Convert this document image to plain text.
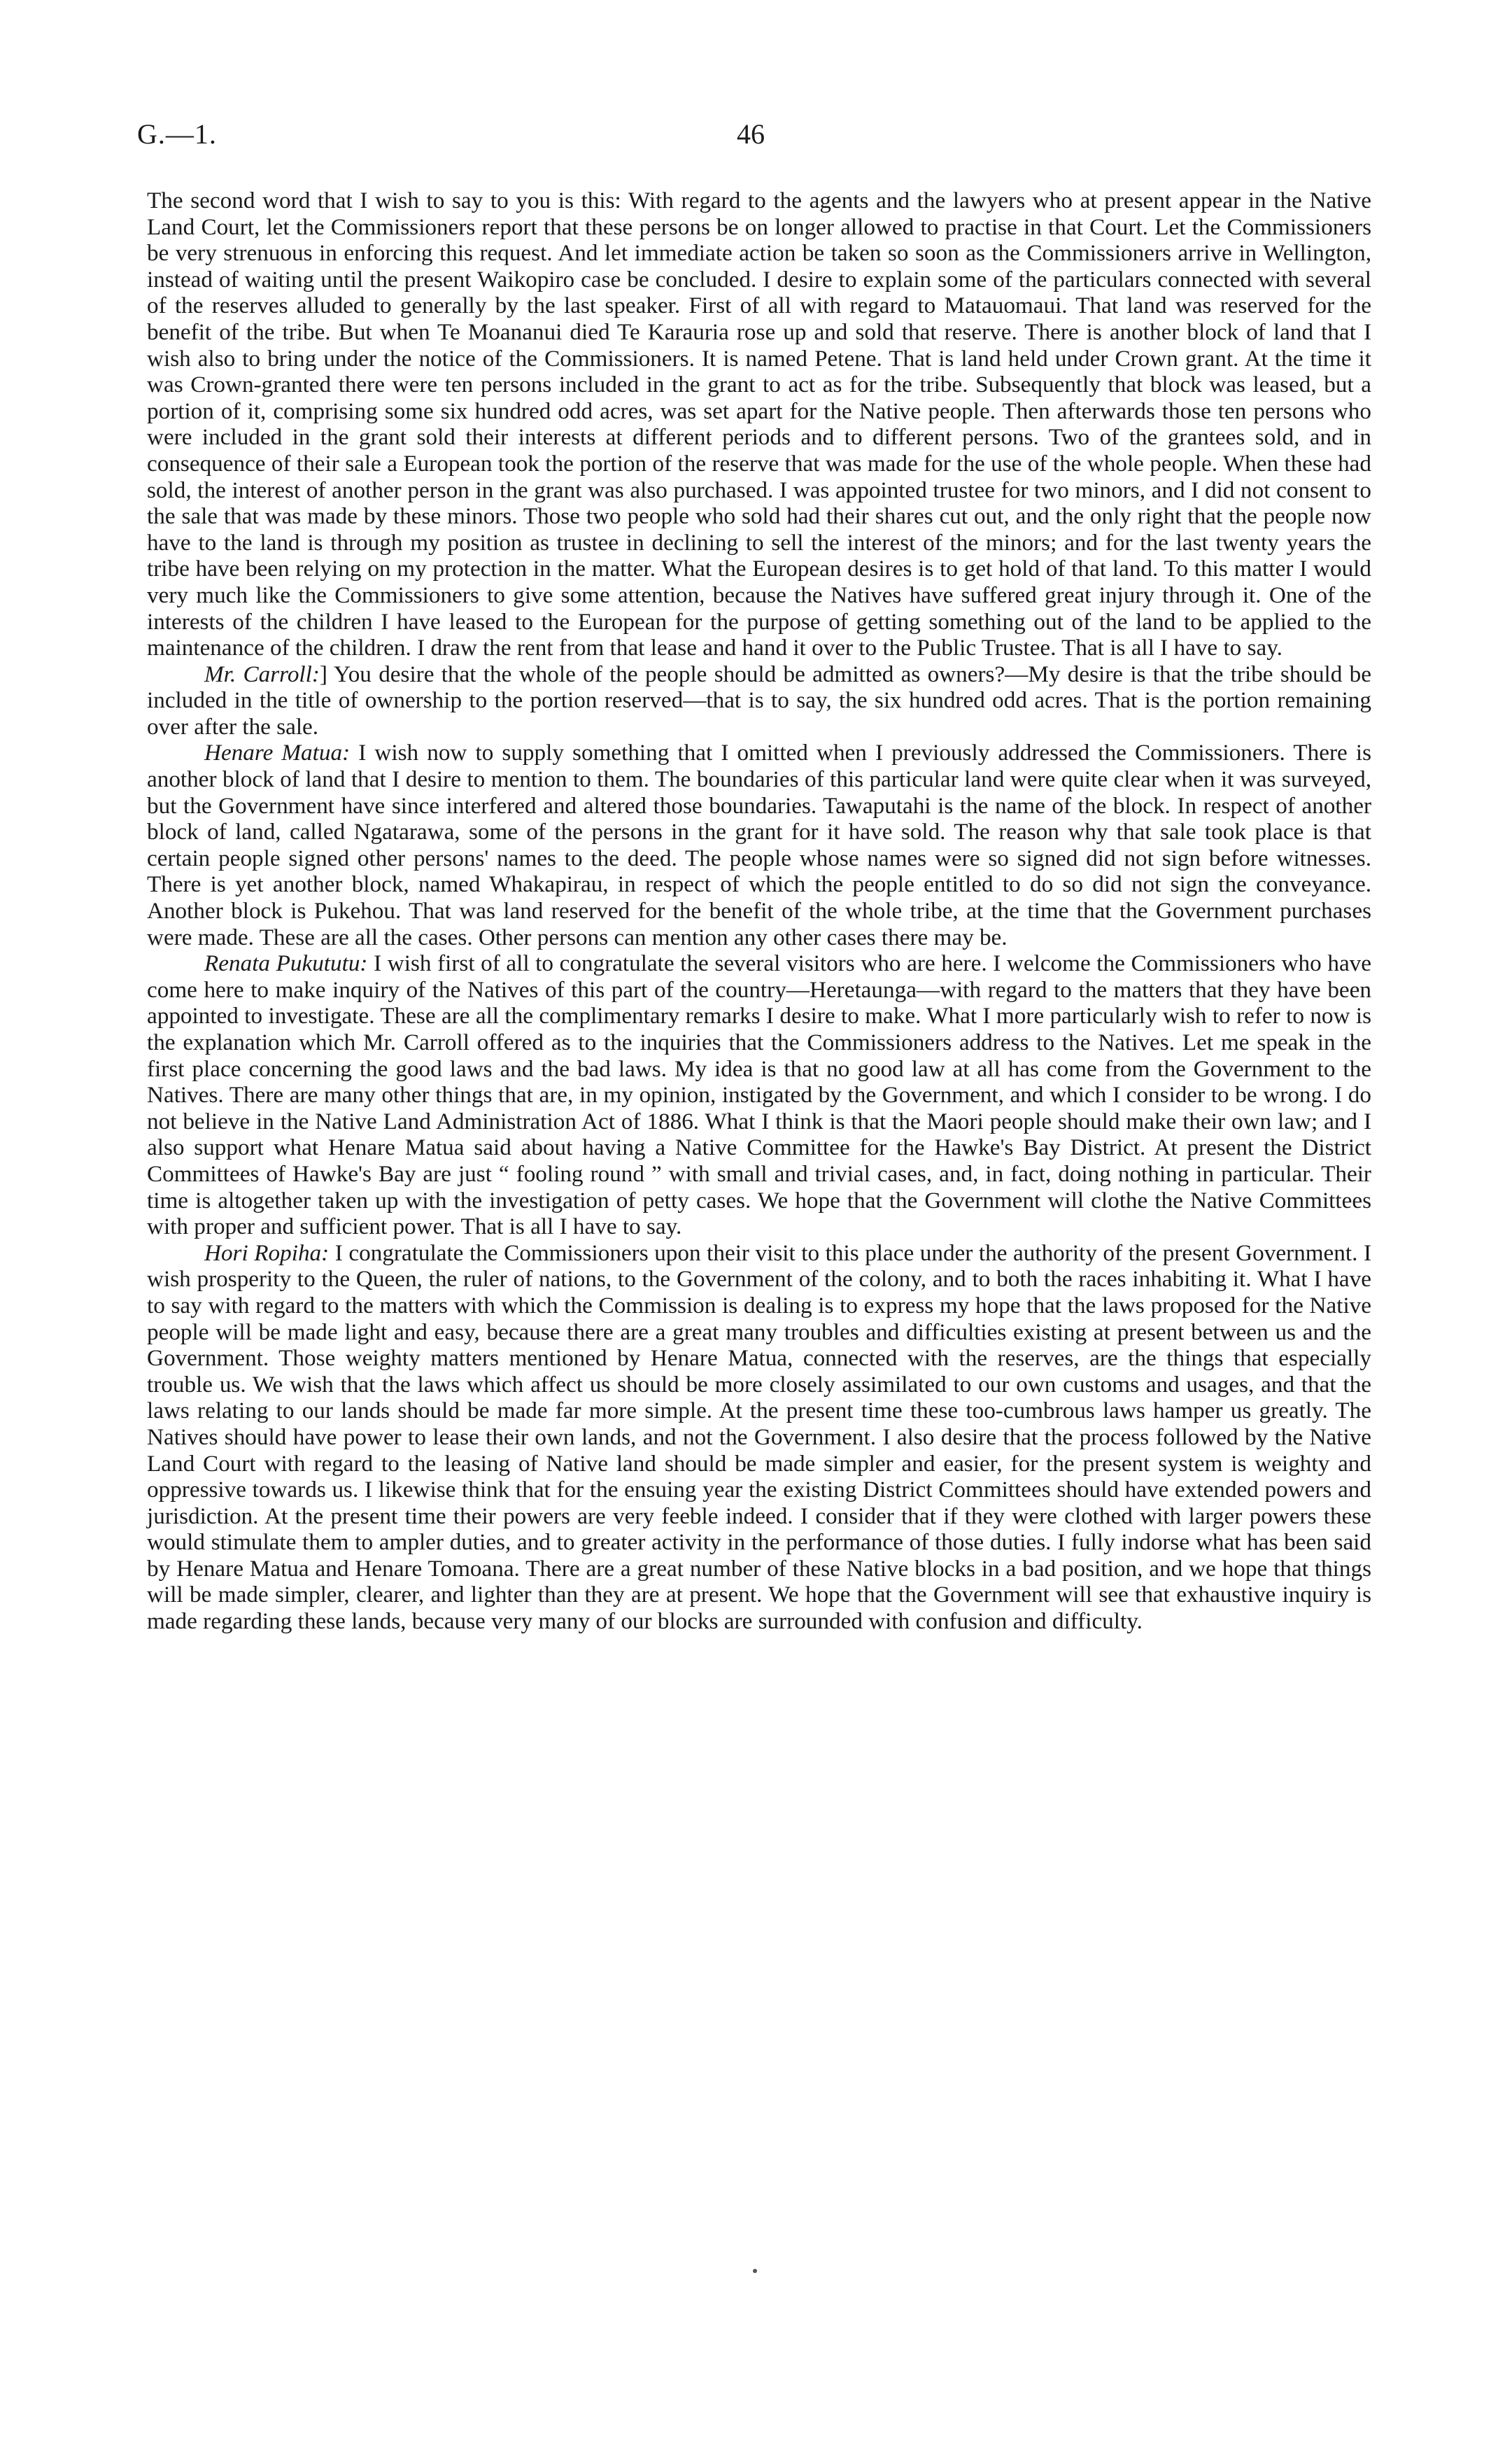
G.—1.	46

The second word that I wish to say to you is this: With regard to the agents and the lawyers who at present appear in the Native Land Court, let the Commissioners report that these persons be on longer allowed to practise in that Court. Let the Commissioners be very strenuous in enforcing this request. And let immediate action be taken so soon as the Commissioners arrive in Wellington, instead of waiting until the present Waikopiro case be concluded. I desire to explain some of the particulars connected with several of the reserves alluded to generally by the last speaker. First of all with regard to Matauomaui. That land was reserved for the benefit of the tribe. But when Te Moananui died Te Karauria rose up and sold that reserve. There is another block of land that I wish also to bring under the notice of the Commissioners. It is named Petene. That is land held under Crown grant. At the time it was Crown-granted there were ten persons included in the grant to act as for the tribe. Subsequently that block was leased, but a portion of it, comprising some six hundred odd acres, was set apart for the Native people. Then afterwards those ten persons who were included in the grant sold their interests at different periods and to different persons. Two of the grantees sold, and in consequence of their sale a European took the portion of the reserve that was made for the use of the whole people. When these had sold, the interest of another person in the grant was also purchased. I was appointed trustee for two minors, and I did not consent to the sale that was made by these minors. Those two people who sold had their shares cut out, and the only right that the people now have to the land is through my position as trustee in declining to sell the interest of the minors; and for the last twenty years the tribe have been relying on my protection in the matter. What the European desires is to get hold of that land. To this matter I would very much like the Commissioners to give some attention, because the Natives have suffered great injury through it. One of the interests of the children I have leased to the European for the purpose of getting something out of the land to be applied to the maintenance of the children. I draw the rent from that lease and hand it over to the Public Trustee. That is all I have to say.

Mr. Carroll:] You desire that the whole of the people should be admitted as owners?—My desire is that the tribe should be included in the title of ownership to the portion reserved—that is to say, the six hundred odd acres. That is the portion remaining over after the sale.

Henare Matua: I wish now to supply something that I omitted when I previously addressed the Commissioners. There is another block of land that I desire to mention to them. The boundaries of this particular land were quite clear when it was surveyed, but the Government have since interfered and altered those boundaries. Tawaputahi is the name of the block. In respect of another block of land, called Ngatarawa, some of the persons in the grant for it have sold. The reason why that sale took place is that certain people signed other persons' names to the deed. The people whose names were so signed did not sign before witnesses. There is yet another block, named Whakapirau, in respect of which the people entitled to do so did not sign the conveyance. Another block is Pukehou. That was land reserved for the benefit of the whole tribe, at the time that the Government purchases were made. These are all the cases. Other persons can mention any other cases there may be.

Renata Pukututu: I wish first of all to congratulate the several visitors who are here. I welcome the Commissioners who have come here to make inquiry of the Natives of this part of the country—Heretaunga—with regard to the matters that they have been appointed to investigate. These are all the complimentary remarks I desire to make. What I more particularly wish to refer to now is the explanation which Mr. Carroll offered as to the inquiries that the Commissioners address to the Natives. Let me speak in the first place concerning the good laws and the bad laws. My idea is that no good law at all has come from the Government to the Natives. There are many other things that are, in my opinion, instigated by the Government, and which I consider to be wrong. I do not believe in the Native Land Administration Act of 1886. What I think is that the Maori people should make their own law; and I also support what Henare Matua said about having a Native Committee for the Hawke's Bay District. At present the District Committees of Hawke's Bay are just “ fooling round ” with small and trivial cases, and, in fact, doing nothing in particular. Their time is altogether taken up with the investigation of petty cases. We hope that the Government will clothe the Native Committees with proper and sufficient power. That is all I have to say.

Hori Ropiha: I congratulate the Commissioners upon their visit to this place under the authority of the present Government. I wish prosperity to the Queen, the ruler of nations, to the Government of the colony, and to both the races inhabiting it. What I have to say with regard to the matters with which the Commission is dealing is to express my hope that the laws proposed for the Native people will be made light and easy, because there are a great many troubles and difficulties existing at present between us and the Government. Those weighty matters mentioned by Henare Matua, connected with the reserves, are the things that especially trouble us. We wish that the laws which affect us should be more closely assimilated to our own customs and usages, and that the laws relating to our lands should be made far more simple. At the present time these too-cumbrous laws hamper us greatly. The Natives should have power to lease their own lands, and not the Government. I also desire that the process followed by the Native Land Court with regard to the leasing of Native land should be made simpler and easier, for the present system is weighty and oppressive towards us. I likewise think that for the ensuing year the existing District Committees should have extended powers and jurisdiction. At the present time their powers are very feeble indeed. I consider that if they were clothed with larger powers these would stimulate them to ampler duties, and to greater activity in the performance of those duties. I fully indorse what has been said by Henare Matua and Henare Tomoana. There are a great number of these Native blocks in a bad position, and we hope that things will be made simpler, clearer, and lighter than they are at present. We hope that the Government will see that exhaustive inquiry is made regarding these lands, because very many of our blocks are surrounded with confusion and difficulty.
